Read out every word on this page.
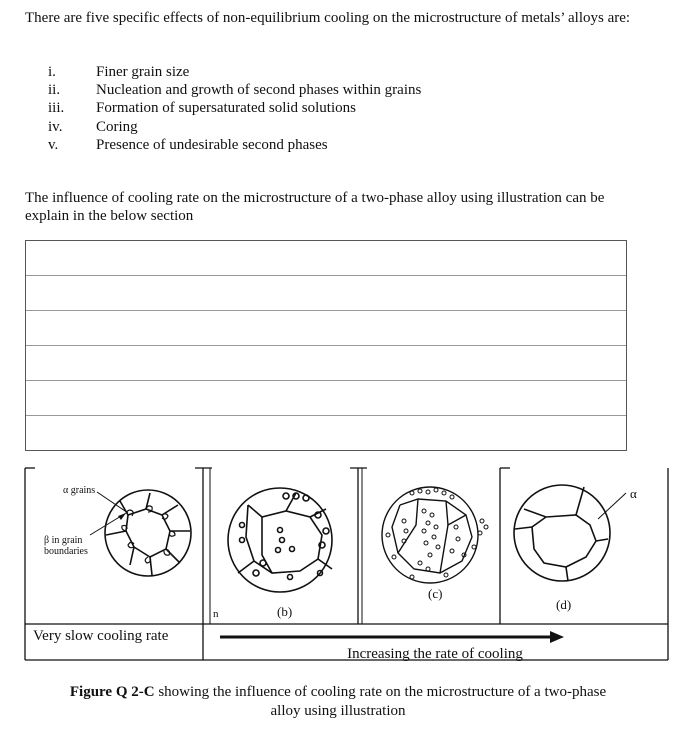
There are five specific effects of non-equilibrium cooling on the microstructure of metals’ alloys are:
i.	Finer grain size
ii.	Nucleation and growth of second phases within grains
iii.	Formation of supersaturated solid solutions
iv.	Coring
v.	Presence of undesirable second phases
The influence of cooling rate on the microstructure of a two-phase alloy using illustration can be explain in the below section
α grains
β in grain
boundaries
α
n	(b)
(c)
(d)
Very slow cooling rate
Increasing the rate of cooling
Figure Q 2-C showing the influence of cooling rate on the microstructure of a two-phase
alloy using illustration
